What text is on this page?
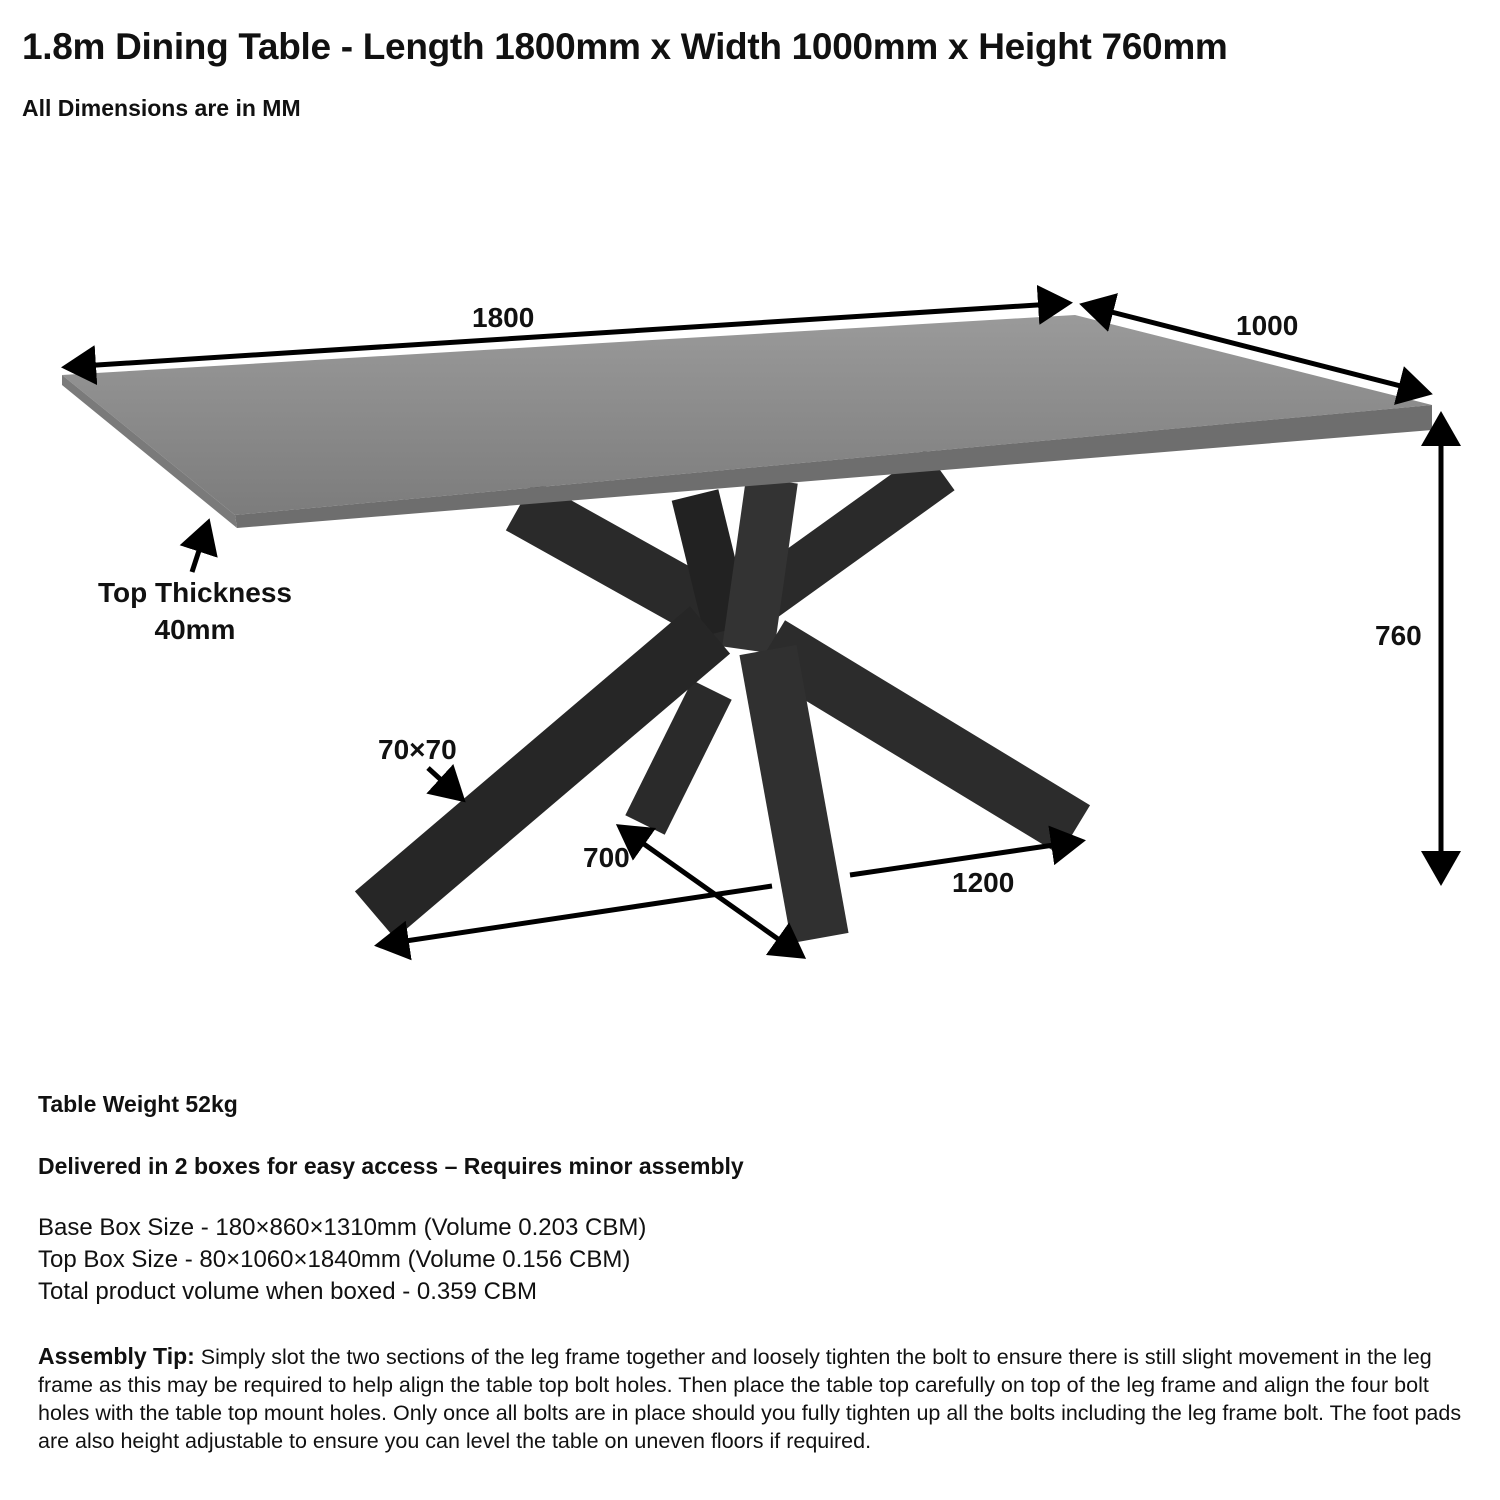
1.8m Dining Table - Length 1800mm x Width 1000mm x Height 760mm
All Dimensions are in MM
1800	1000
760
1200
700
70×70
Top Thickness
40mm
Table Weight 52kg
Delivered in 2 boxes for easy access – Requires minor assembly
Base Box Size - 180×860×1310mm (Volume 0.203 CBM)
Top Box Size - 80×1060×1840mm (Volume 0.156 CBM)
Total product volume when boxed - 0.359 CBM
Assembly Tip: Simply slot the two sections of the leg frame together and loosely tighten the bolt to ensure there is still slight movement in the leg frame as this may be required to help align the table top bolt holes. Then place the table top carefully on top of the leg frame and align the four bolt holes with the table top mount holes. Only once all bolts are in place should you fully tighten up all the bolts including the leg frame bolt. The foot pads are also height adjustable to ensure you can level the table on uneven floors if required.
